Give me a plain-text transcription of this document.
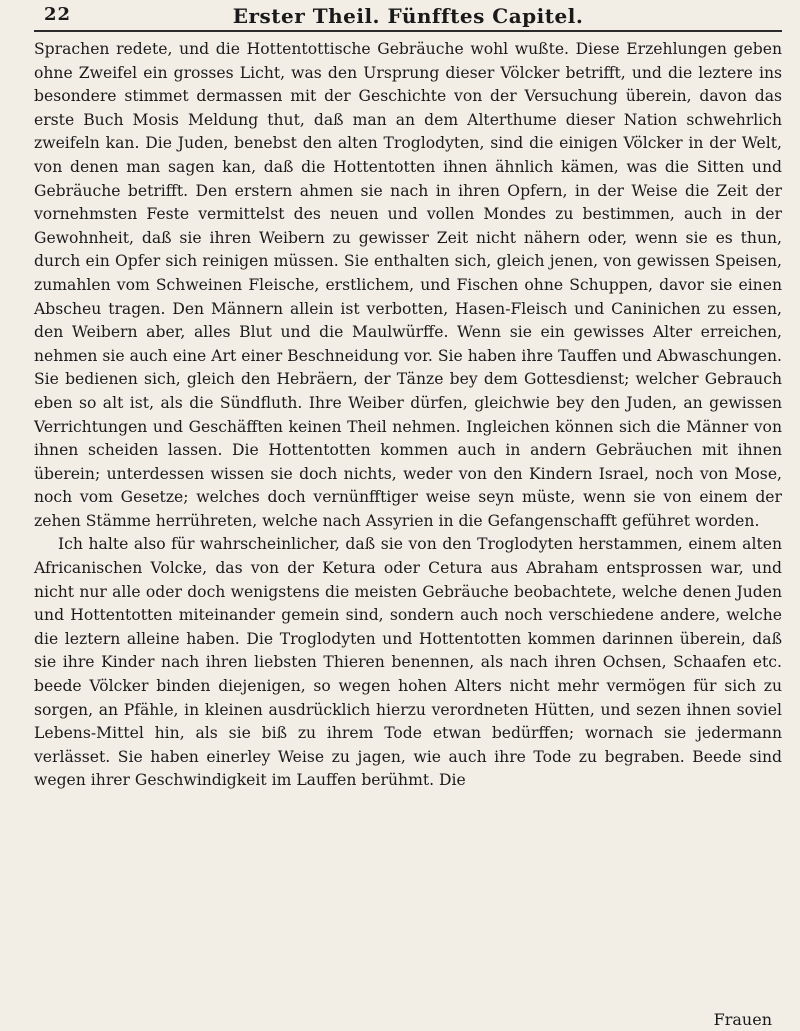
22	Erster Theil. Fünfftes Capitel.

Sprachen redete, und die Hottentottische Gebräuche wohl wußte. Diese Erzehlungen geben ohne Zweifel ein grosses Licht, was den Ursprung dieser Völcker betrifft, und die leztere ins besondere stimmet dermassen mit der Geschichte von der Versuchung überein, davon das erste Buch Mosis Meldung thut, daß man an dem Alterthume dieser Nation schwehrlich zweifeln kan. Die Juden, benebst den alten Troglodyten, sind die einigen Völcker in der Welt, von denen man sagen kan, daß die Hottentotten ihnen ähnlich kämen, was die Sitten und Gebräuche betrifft. Den erstern ahmen sie nach in ihren Opfern, in der Weise die Zeit der vornehmsten Feste vermittelst des neuen und vollen Mondes zu bestimmen, auch in der Gewohnheit, daß sie ihren Weibern zu gewisser Zeit nicht nähern oder, wenn sie es thun, durch ein Opfer sich reinigen müssen. Sie enthalten sich, gleich jenen, von gewissen Speisen, zumahlen vom Schweinen Fleische, erstlichem, und Fischen ohne Schuppen, davor sie einen Abscheu tragen. Den Männern allein ist verbotten, Hasen-Fleisch und Caninichen zu essen, den Weibern aber, alles Blut und die Maulwürffe. Wenn sie ein gewisses Alter erreichen, nehmen sie auch eine Art einer Beschneidung vor. Sie haben ihre Tauffen und Abwaschungen. Sie bedienen sich, gleich den Hebräern, der Tänze bey dem Gottesdienst; welcher Gebrauch eben so alt ist, als die Sündfluth. Ihre Weiber dürfen, gleichwie bey den Juden, an gewissen Verrichtungen und Geschäfften keinen Theil nehmen. Ingleichen können sich die Männer von ihnen scheiden lassen. Die Hottentotten kommen auch in andern Gebräuchen mit ihnen überein; unterdessen wissen sie doch nichts, weder von den Kindern Israel, noch von Mose, noch vom Gesetze; welches doch vernünfftiger weise seyn müste, wenn sie von einem der zehen Stämme herrühreten, welche nach Assyrien in die Gefangenschafft geführet worden.

Ich halte also für wahrscheinlicher, daß sie von den Troglodyten herstammen, einem alten Africanischen Volcke, das von der Ketura oder Cetura aus Abraham entsprossen war, und nicht nur alle oder doch wenigstens die meisten Gebräuche beobachtete, welche denen Juden und Hottentotten miteinander gemein sind, sondern auch noch verschiedene andere, welche die leztern alleine haben. Die Troglodyten und Hottentotten kommen darinnen überein, daß sie ihre Kinder nach ihren liebsten Thieren benennen, als nach ihren Ochsen, Schaafen etc. beede Völcker binden diejenigen, so wegen hohen Alters nicht mehr vermögen für sich zu sorgen, an Pfähle, in kleinen ausdrücklich hierzu verordneten Hütten, und sezen ihnen soviel Lebens-Mittel hin, als sie biß zu ihrem Tode etwan bedürffen; wornach sie jedermann verlässet. Sie haben einerley Weise zu jagen, wie auch ihre Tode zu begraben. Beede sind wegen ihrer Geschwindigkeit im Lauffen berühmt. Die

Frauen
